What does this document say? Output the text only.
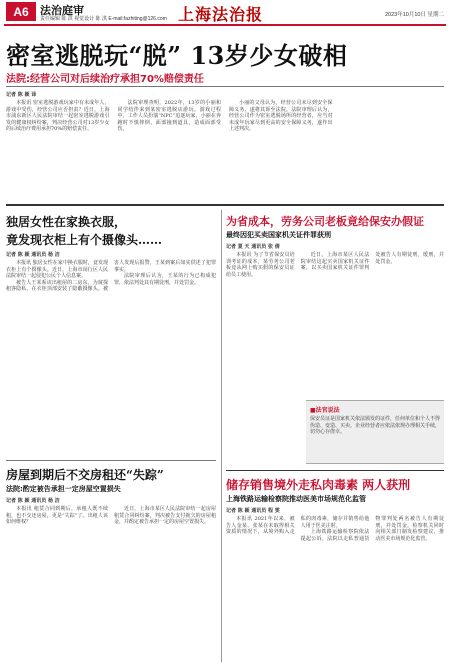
A6	法治庭审
责任编辑 陈 淇 视觉设计 陈 淇 E-mail:fazhiting@126.com 上海法治报	2023年10月10日 星期二
密室逃脱玩“脱” 13岁少女破相
法院:经营公司对后续治疗承担70%赔偿责任
记者 陈 颖 译

本报讯 密室逃脱游戏玩家中有未成年人，游戏中受伤，经营公司应否担责？近日，上海市浦东新区人民法院审结一起密室逃脱游戏引发的健康权纠纷案，判决经营公司对13岁少女的后续治疗费用承担70%的赔偿责任。

法院审理查明，2022年，13岁的小丽和同学结伴来到某密室逃脱店游玩。游戏过程中，工作人员扮演“NPC”追逐玩家，小丽在奔跑时不慎摔倒，面部撞到道具，造成面部受伤。

小丽的父母认为，经营公司未尽到安全保障义务，遂将其诉至法院。法院审理后认为，经营公司作为密室逃脱场所的经营者，应当对未成年玩家尽到更高的安全保障义务，遂作出上述判决。

独居女性在家换衣服，
竟发现衣柜上有个摄像头……
记者 陈 颖 通讯员 杨 洁

本报讯 独居女性在家中换衣服时，竟发现衣柜上有个摄像头。近日，上海市闵行区人民法院审结一起侵犯公民个人信息案。

被告人王某系该出租屋的二房东，为窥探租客隐私，在衣柜顶部安装了隐蔽摄像头。被害人发现后报警，王某到案后如实供述了犯罪事实。

法院审理后认为，王某的行为已构成犯罪，依法判处其有期徒刑，并处罚金。

房屋到期后不交房租还“失踪”
法院:酌定被告承担一定房屋空置损失
记者 陈 颖 通讯员 杨 洁

本报讯 租赁合同到期后，承租人既不续租，也不交还房屋，更是“失踪”了。出租人该如何维权？

近日，上海市某区人民法院审结一起房屋租赁合同纠纷案，判决被告支付拖欠的房屋租金，并酌定被告承担一定的房屋空置损失。

为省成本，劳务公司老板竟给保安办假证
最终因犯买卖国家机关证件罪获刑
记者 夏 天 通讯员 张 倩

本报讯 为了节省保安员培训考证的成本，某劳务公司老板竟从网上购买假的保安员证给员工使用。

近日，上海市某区人民法院审结这起买卖国家机关证件案，以买卖国家机关证件罪判处被告人有期徒刑，缓刑，并处罚金。

■法官说法
保安员证是国家机关依法颁发的证件，任何单位和个人不得伪造、变造、买卖。企业经营者应依法依规办理相关手续，切勿心存侥幸。
储存销售境外走私肉毒素 两人获刑
上海铁路运输检察院推动医美市场规范化监管
记者 陈 颖 通讯员 程 雯

本报讯 2021年以来，被告人金某、张某在未取得相关资质的情况下，从境外购入走私的肉毒素，储存并销售给他人用于医美注射。

上海铁路运输检察院依法提起公诉，法院以走私普通货物罪判处两名被告人有期徒刑，并处罚金。检察机关同时向相关部门制发检察建议，推动医美市场规范化监管。
